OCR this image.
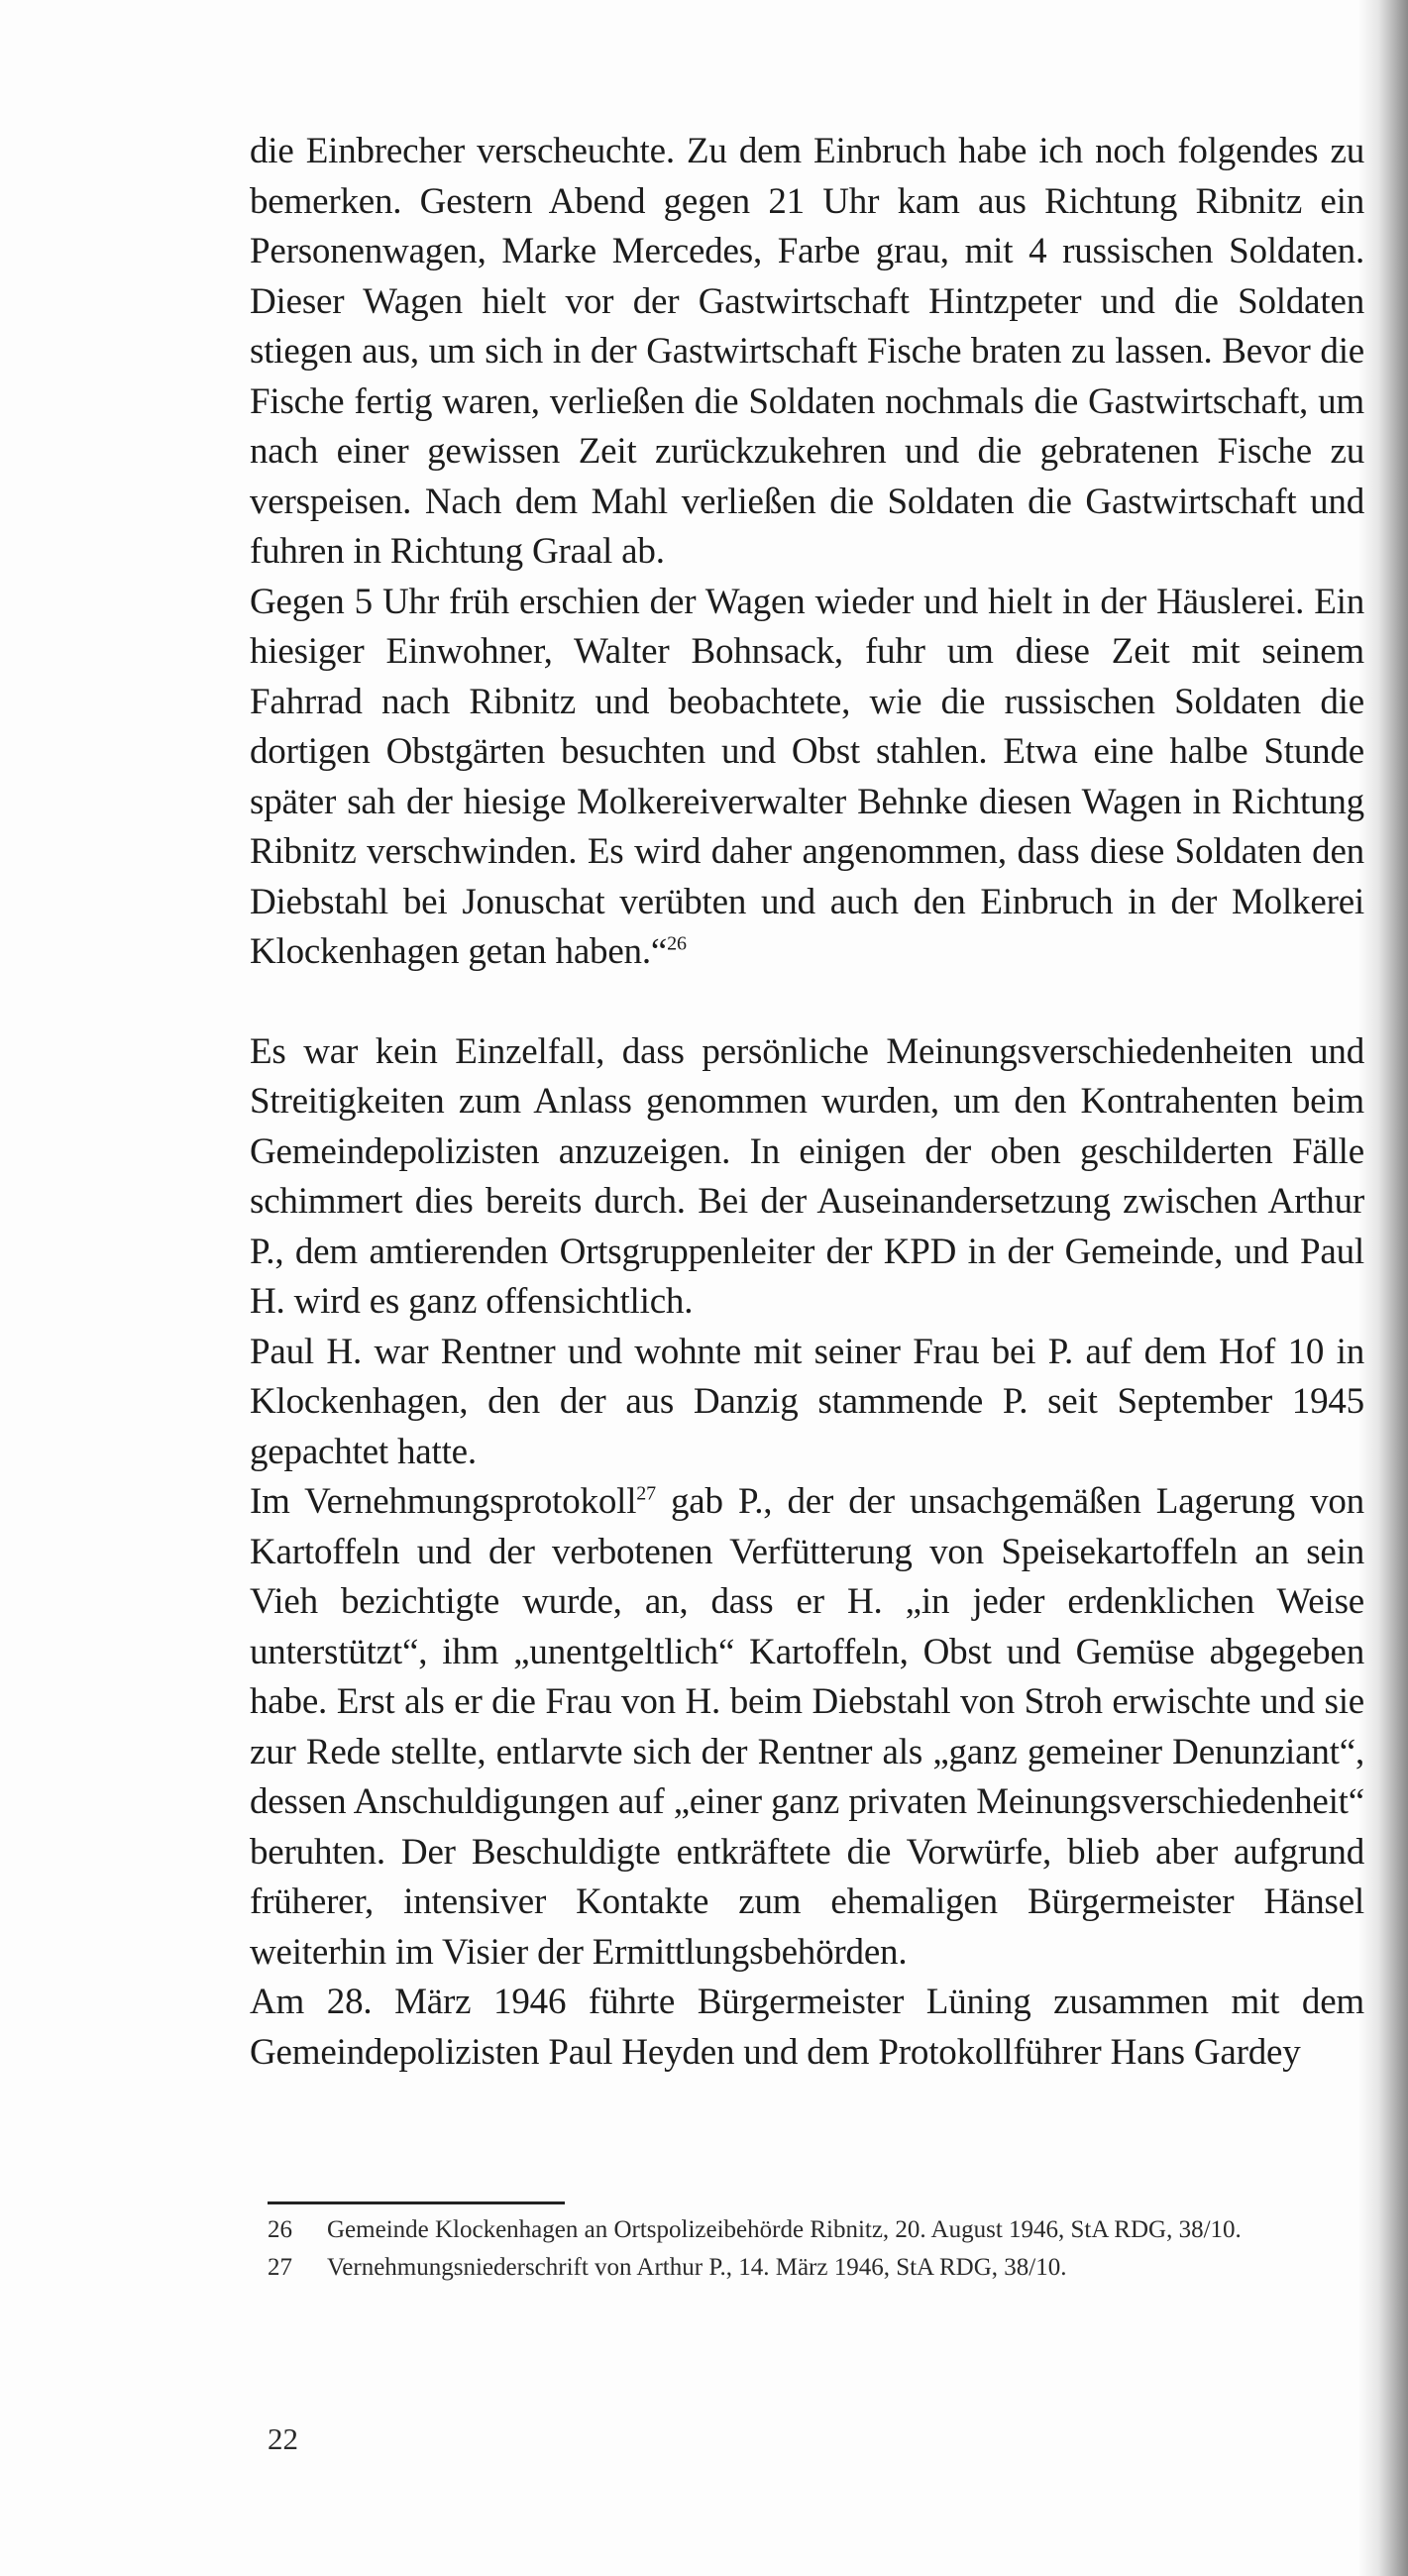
die Einbrecher verscheuchte. Zu dem Einbruch habe ich noch folgendes zu bemerken. Gestern Abend gegen 21 Uhr kam aus Richtung Ribnitz ein Personenwagen, Marke Mercedes, Farbe grau, mit 4 russischen Soldaten. Dieser Wagen hielt vor der Gastwirtschaft Hintzpeter und die Soldaten stiegen aus, um sich in der Gastwirtschaft Fische braten zu lassen. Bevor die Fische fertig waren, verließen die Soldaten nochmals die Gastwirtschaft, um nach einer gewissen Zeit zurückzukehren und die gebratenen Fische zu verspeisen. Nach dem Mahl verließen die Soldaten die Gastwirtschaft und fuhren in Richtung Graal ab.

Gegen 5 Uhr früh erschien der Wagen wieder und hielt in der Häuslerei. Ein hiesiger Einwohner, Walter Bohnsack, fuhr um diese Zeit mit seinem Fahrrad nach Ribnitz und beobachtete, wie die russischen Soldaten die dortigen Obstgärten besuchten und Obst stahlen. Etwa eine halbe Stunde später sah der hiesige Molkereiverwalter Behnke diesen Wagen in Richtung Ribnitz verschwinden. Es wird daher angenommen, dass diese Soldaten den Diebstahl bei Jonuschat verübten und auch den Einbruch in der Molkerei Klockenhagen getan haben.“$^{26}$

Es war kein Einzelfall, dass persönliche Meinungsverschiedenheiten und Streitigkeiten zum Anlass genommen wurden, um den Kontrahenten beim Gemeindepolizisten anzuzeigen. In einigen der oben geschilderten Fälle schimmert dies bereits durch. Bei der Auseinandersetzung zwischen Arthur P., dem amtierenden Ortsgruppenleiter der KPD in der Gemeinde, und Paul H. wird es ganz offensichtlich.

Paul H. war Rentner und wohnte mit seiner Frau bei P. auf dem Hof 10 in Klockenhagen, den der aus Danzig stammende P. seit September 1945 gepachtet hatte.

Im Vernehmungsprotokoll$^{27}$ gab P., der der unsachgemäßen Lagerung von Kartoffeln und der verbotenen Verfütterung von Speisekartoffeln an sein Vieh bezichtigte wurde, an, dass er H. „in jeder erdenklichen Weise unterstützt“, ihm „unentgeltlich“ Kartoffeln, Obst und Gemüse abgegeben habe. Erst als er die Frau von H. beim Diebstahl von Stroh erwischte und sie zur Rede stellte, entlarvte sich der Rentner als „ganz gemeiner Denunziant“, dessen Anschuldigungen auf „einer ganz privaten Meinungsverschiedenheit“ beruhten. Der Beschuldigte entkräftete die Vorwürfe, blieb aber aufgrund früherer, intensiver Kontakte zum ehemaligen Bürgermeister Hänsel weiterhin im Visier der Ermittlungsbehörden.

Am 28. März 1946 führte Bürgermeister Lüning zusammen mit dem Gemeindepolizisten Paul Heyden und dem Protokollführer Hans Gardey

26	Gemeinde Klockenhagen an Ortspolizeibehörde Ribnitz, 20. August 1946, StA RDG, 38/10.
27	Vernehmungsniederschrift von Arthur P., 14. März 1946, StA RDG, 38/10.
22
